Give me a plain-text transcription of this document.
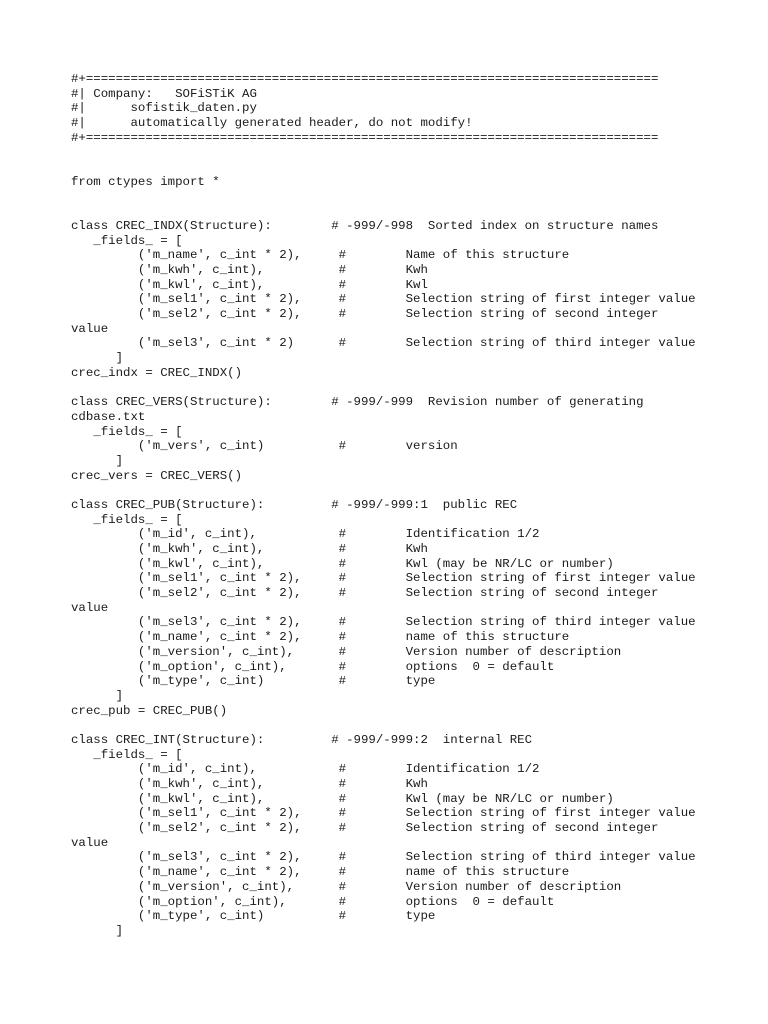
#+=============================================================================
#| Company:   SOFiSTiK AG
#|      sofistik_daten.py
#|      automatically generated header, do not modify!
#+=============================================================================
from ctypes import *
class CREC_INDX(Structure):        # -999/-998  Sorted index on structure names
_fields_ = [
('m_name', c_int * 2),     #        Name of this structure
('m_kwh', c_int),          #        Kwh
('m_kwl', c_int),          #        Kwl
('m_sel1', c_int * 2),     #        Selection string of first integer value
('m_sel2', c_int * 2),     #        Selection string of second integer
value
('m_sel3', c_int * 2)      #        Selection string of third integer value
]
crec_indx = CREC_INDX()
class CREC_VERS(Structure):        # -999/-999  Revision number of generating
cdbase.txt
_fields_ = [
('m_vers', c_int)          #        version
]
crec_vers = CREC_VERS()
class CREC_PUB(Structure):         # -999/-999:1  public REC
_fields_ = [
('m_id', c_int),           #        Identification 1/2
('m_kwh', c_int),          #        Kwh
('m_kwl', c_int),          #        Kwl (may be NR/LC or number)
('m_sel1', c_int * 2),     #        Selection string of first integer value
('m_sel2', c_int * 2),     #        Selection string of second integer
value
('m_sel3', c_int * 2),     #        Selection string of third integer value
('m_name', c_int * 2),     #        name of this structure
('m_version', c_int),      #        Version number of description
('m_option', c_int),       #        options  0 = default
('m_type', c_int)          #        type
]
crec_pub = CREC_PUB()
class CREC_INT(Structure):         # -999/-999:2  internal REC
_fields_ = [
('m_id', c_int),           #        Identification 1/2
('m_kwh', c_int),          #        Kwh
('m_kwl', c_int),          #        Kwl (may be NR/LC or number)
('m_sel1', c_int * 2),     #        Selection string of first integer value
('m_sel2', c_int * 2),     #        Selection string of second integer
value
('m_sel3', c_int * 2),     #        Selection string of third integer value
('m_name', c_int * 2),     #        name of this structure
('m_version', c_int),      #        Version number of description
('m_option', c_int),       #        options  0 = default
('m_type', c_int)          #        type
]
